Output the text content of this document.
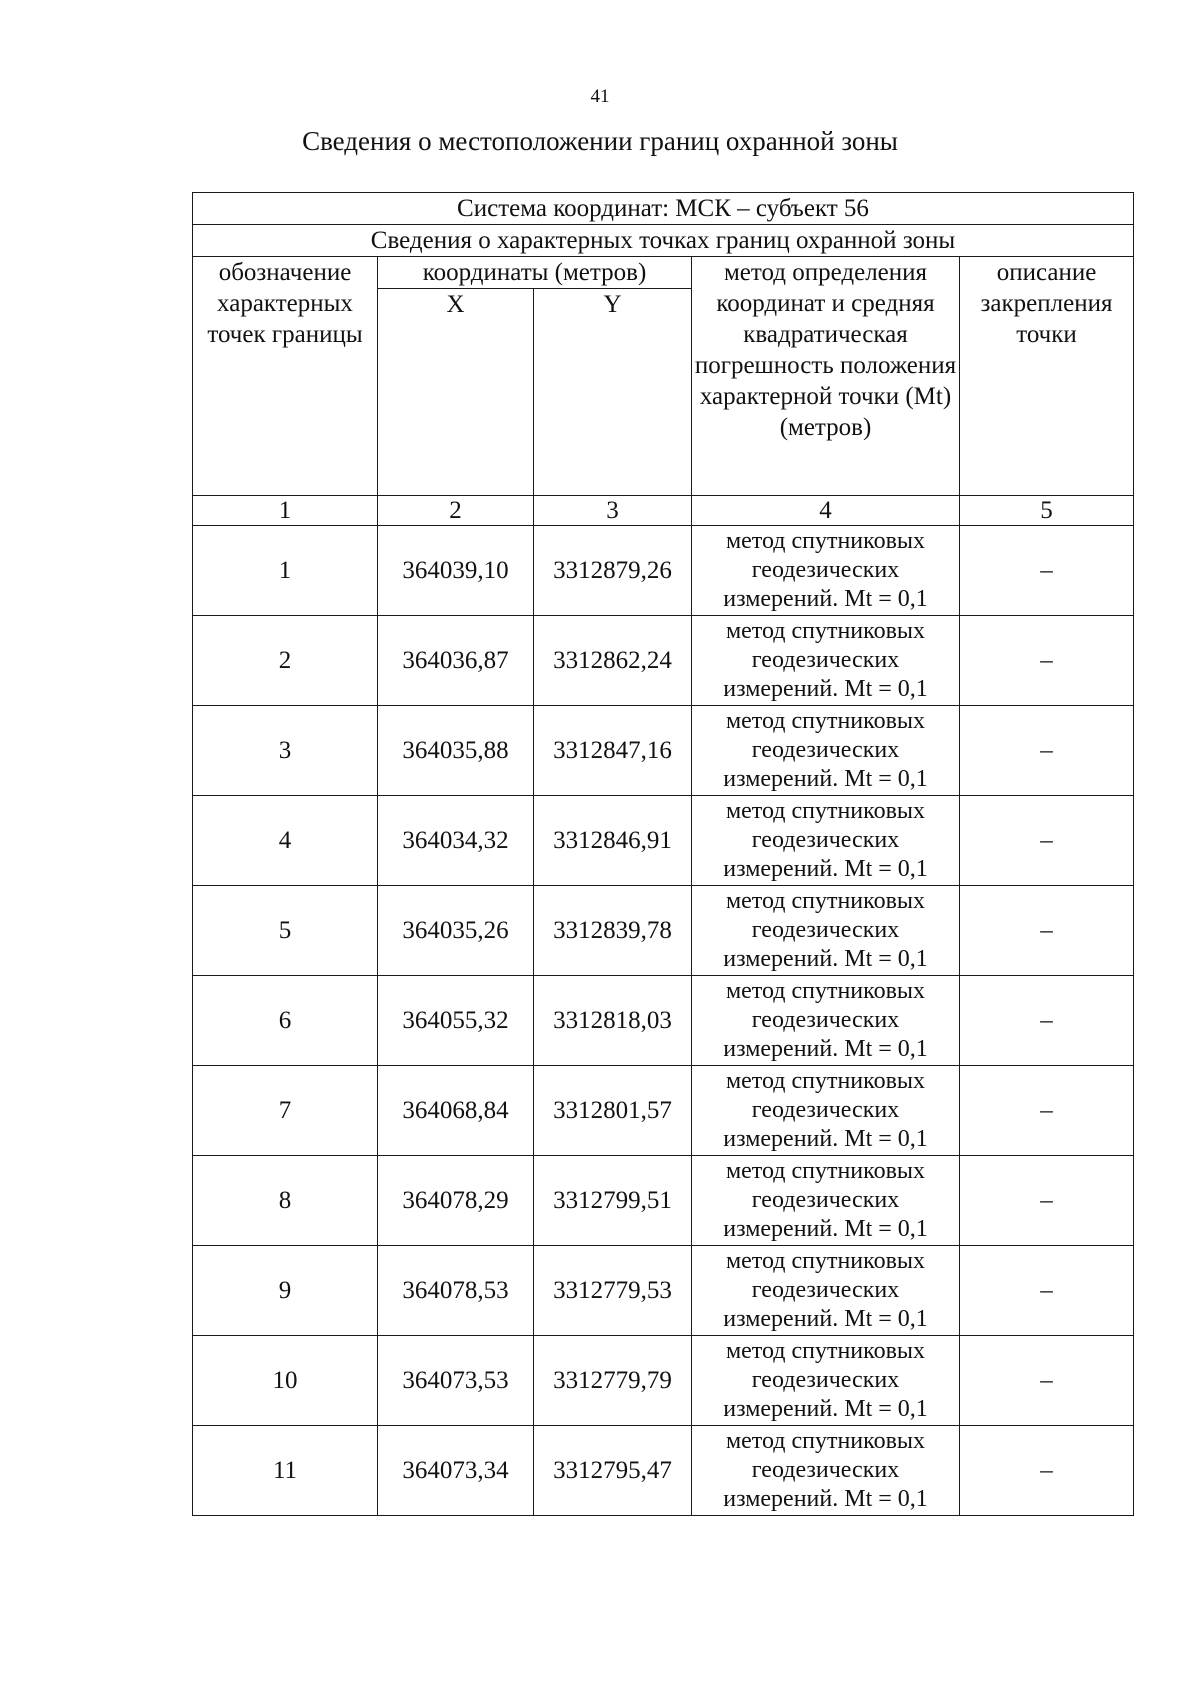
41
Сведения о местоположении границ охранной зоны
Система координат: МСК – субъект 56				
Сведения о характерных точках границ охранной зоны				
обозначение характерных точек границы	координаты (метров)		метод определения координат и средняя квадратическая погрешность положения характерной точки (Mt) (метров)	описание закрепления точки
	X	Y		
1	2	3	4	5
1	364039,10	3312879,26	метод спутниковых геодезических измерений. Mt = 0,1	–
2	364036,87	3312862,24	метод спутниковых геодезических измерений. Mt = 0,1	–
3	364035,88	3312847,16	метод спутниковых геодезических измерений. Mt = 0,1	–
4	364034,32	3312846,91	метод спутниковых геодезических измерений. Mt = 0,1	–
5	364035,26	3312839,78	метод спутниковых геодезических измерений. Mt = 0,1	–
6	364055,32	3312818,03	метод спутниковых геодезических измерений. Mt = 0,1	–
7	364068,84	3312801,57	метод спутниковых геодезических измерений. Mt = 0,1	–
8	364078,29	3312799,51	метод спутниковых геодезических измерений. Mt = 0,1	–
9	364078,53	3312779,53	метод спутниковых геодезических измерений. Mt = 0,1	–
10	364073,53	3312779,79	метод спутниковых геодезических измерений. Mt = 0,1	–
11	364073,34	3312795,47	метод спутниковых геодезических измерений. Mt = 0,1	–
